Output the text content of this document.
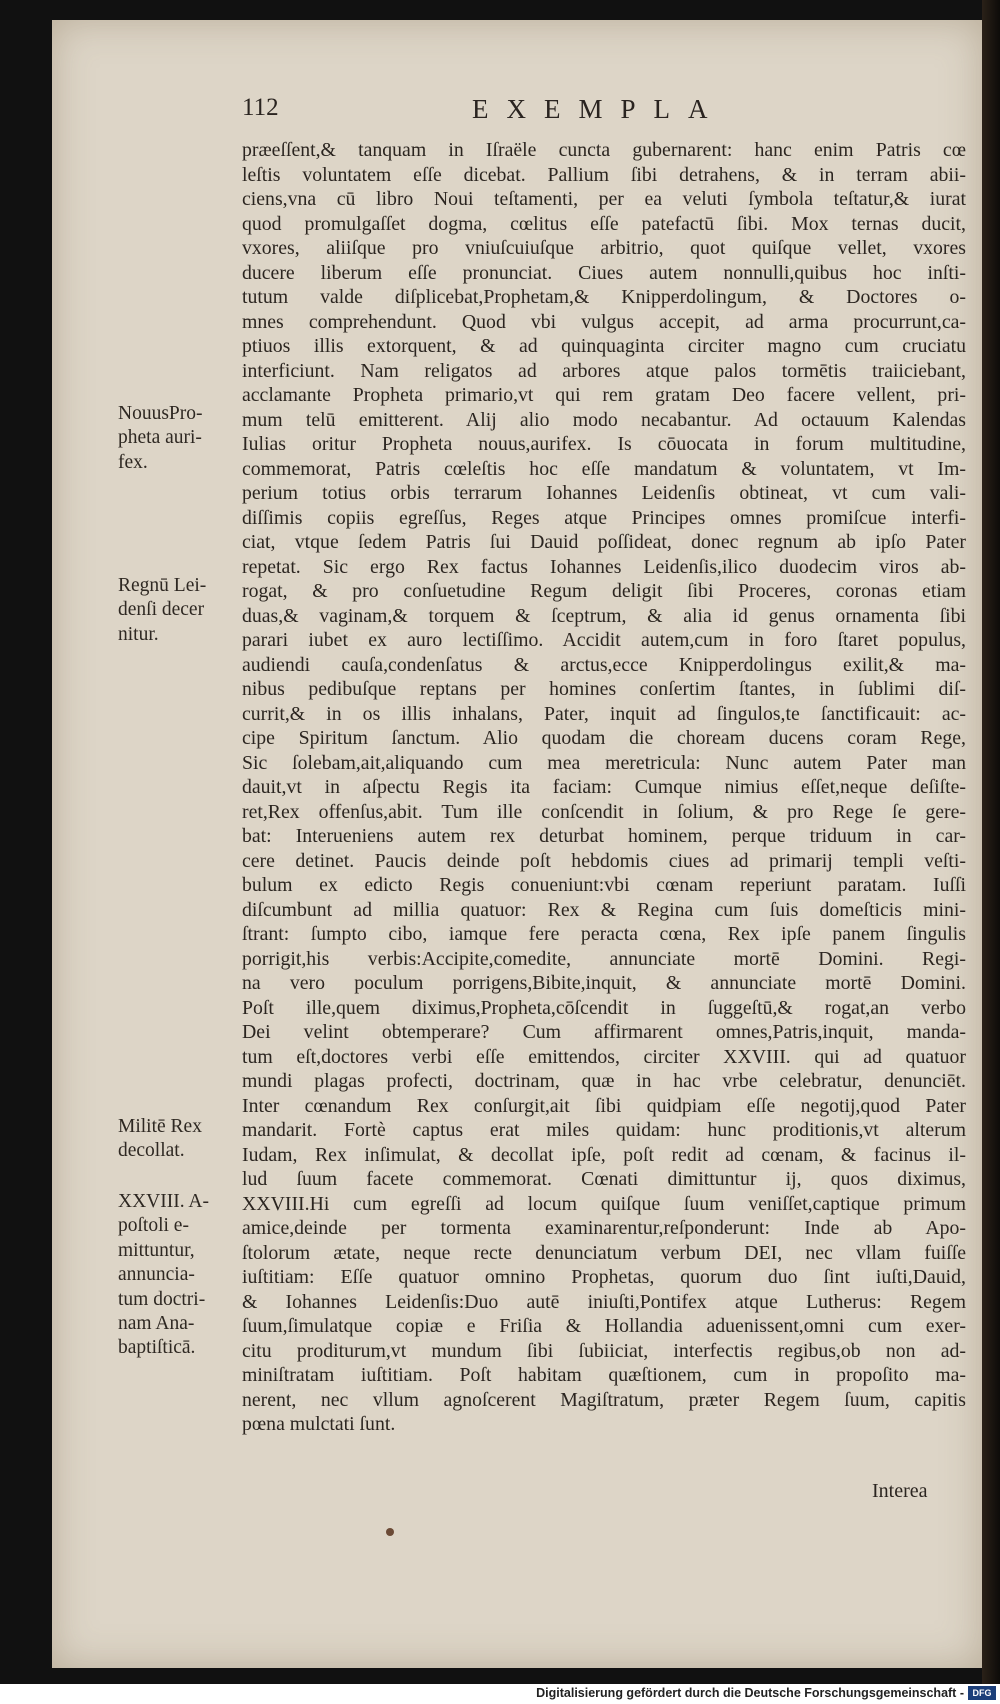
112	EXEMPLA

NouusPro-
pheta auri-
fex.

Regnū Lei-
denſi decer
nitur.

Militē Rex
decollat.

XXVIII. A-
poſtoli e-
mittuntur,
annuncia-
tum doctri-
nam Ana-
baptiſticā.

præeſſent,& tanquam in Iſraële cuncta gubernarent: hanc enim Patris cœ
leſtis voluntatem eſſe dicebat. Pallium ſibi detrahens, & in terram abii-
ciens,vna cū libro Noui teſtamenti, per ea veluti ſymbola teſtatur,& iurat
quod promulgaſſet dogma, cœlitus eſſe patefactū ſibi. Mox ternas ducit,
vxores, aliiſque pro vniuſcuiuſque arbitrio, quot quiſque vellet, vxores
ducere liberum eſſe pronunciat. Ciues autem nonnulli,quibus hoc inſti-
tutum valde diſplicebat,Prophetam,& Knipperdolingum, & Doctores o-
mnes comprehendunt. Quod vbi vulgus accepit, ad arma procurrunt,ca-
ptiuos illis extorquent, & ad quinquaginta circiter magno cum cruciatu
interficiunt. Nam religatos ad arbores atque palos tormētis traiiciebant,
acclamante Propheta primario,vt qui rem gratam Deo facere vellent, pri-
mum telū emitterent. Alij alio modo necabantur. Ad octauum Kalendas
Iulias oritur Propheta nouus,aurifex. Is cōuocata in forum multitudine,
commemorat, Patris cœleſtis hoc eſſe mandatum & voluntatem, vt Im-
perium totius orbis terrarum Iohannes Leidenſis obtineat, vt cum vali-
diſſimis copiis egreſſus, Reges atque Principes omnes promiſcue interfi-
ciat, vtque ſedem Patris ſui Dauid poſſideat, donec regnum ab ipſo Pater
repetat. Sic ergo Rex factus Iohannes Leidenſis,ilico duodecim viros ab-
rogat, & pro conſuetudine Regum deligit ſibi Proceres, coronas etiam
duas,& vaginam,& torquem & ſceptrum, & alia id genus ornamenta ſibi
parari iubet ex auro lectiſſimo. Accidit autem,cum in foro ſtaret populus,
audiendi cauſa,condenſatus & arctus,ecce Knipperdolingus exilit,& ma-
nibus pedibuſque reptans per homines conſertim ſtantes, in ſublimi diſ-
currit,& in os illis inhalans, Pater, inquit ad ſingulos,te ſanctificauit: ac-
cipe Spiritum ſanctum. Alio quodam die choream ducens coram Rege,
Sic ſolebam,ait,aliquando cum mea meretricula: Nunc autem Pater man
dauit,vt in aſpectu Regis ita faciam: Cumque nimius eſſet,neque deſiſte-
ret,Rex offenſus,abit. Tum ille conſcendit in ſolium, & pro Rege ſe gere-
bat: Interueniens autem rex deturbat hominem, perque triduum in car-
cere detinet. Paucis deinde poſt hebdomis ciues ad primarij templi veſti-
bulum ex edicto Regis conueniunt:vbi cœnam reperiunt paratam. Iuſſi
diſcumbunt ad millia quatuor: Rex & Regina cum ſuis domeſticis mini-
ſtrant: ſumpto cibo, iamque fere peracta cœna, Rex ipſe panem ſingulis
porrigit,his verbis:Accipite,comedite, annunciate mortē Domini. Regi-
na vero poculum porrigens,Bibite,inquit, & annunciate mortē Domini.
Poſt ille,quem diximus,Propheta,cōſcendit in ſuggeſtū,& rogat,an verbo
Dei velint obtemperare? Cum affirmarent omnes,Patris,inquit, manda-
tum eſt,doctores verbi eſſe emittendos, circiter XXVIII. qui ad quatuor
mundi plagas profecti, doctrinam, quæ in hac vrbe celebratur, denunciēt.
Inter cœnandum Rex conſurgit,ait ſibi quidpiam eſſe negotij,quod Pater
mandarit. Fortè captus erat miles quidam: hunc proditionis,vt alterum
Iudam, Rex inſimulat, & decollat ipſe, poſt redit ad cœnam, & facinus il-
lud ſuum facete commemorat. Cœnati dimittuntur ij, quos diximus,
XXVIII.Hi cum egreſſi ad locum quiſque ſuum veniſſet,captique primum
amice,deinde per tormenta examinarentur,reſponderunt: Inde ab Apo-
ſtolorum ætate, neque recte denunciatum verbum DEI, nec vllam fuiſſe
iuſtitiam: Eſſe quatuor omnino Prophetas, quorum duo ſint iuſti,Dauid,
& Iohannes Leidenſis:Duo autē iniuſti,Pontifex atque Lutherus: Regem
ſuum,ſimulatque copiæ e Friſia & Hollandia aduenissent,omni cum exer-
citu proditurum,vt mundum ſibi ſubiiciat, interfectis regibus,ob non ad-
miniſtratam iuſtitiam. Poſt habitam quæſtionem, cum in propoſito ma-
nerent, nec vllum agnoſcerent Magiſtratum, præter Regem ſuum, capitis
pœna mulctati ſunt.
Interea
Digitalisierung gefördert durch die Deutsche Forschungsgemeinschaft - DFG
